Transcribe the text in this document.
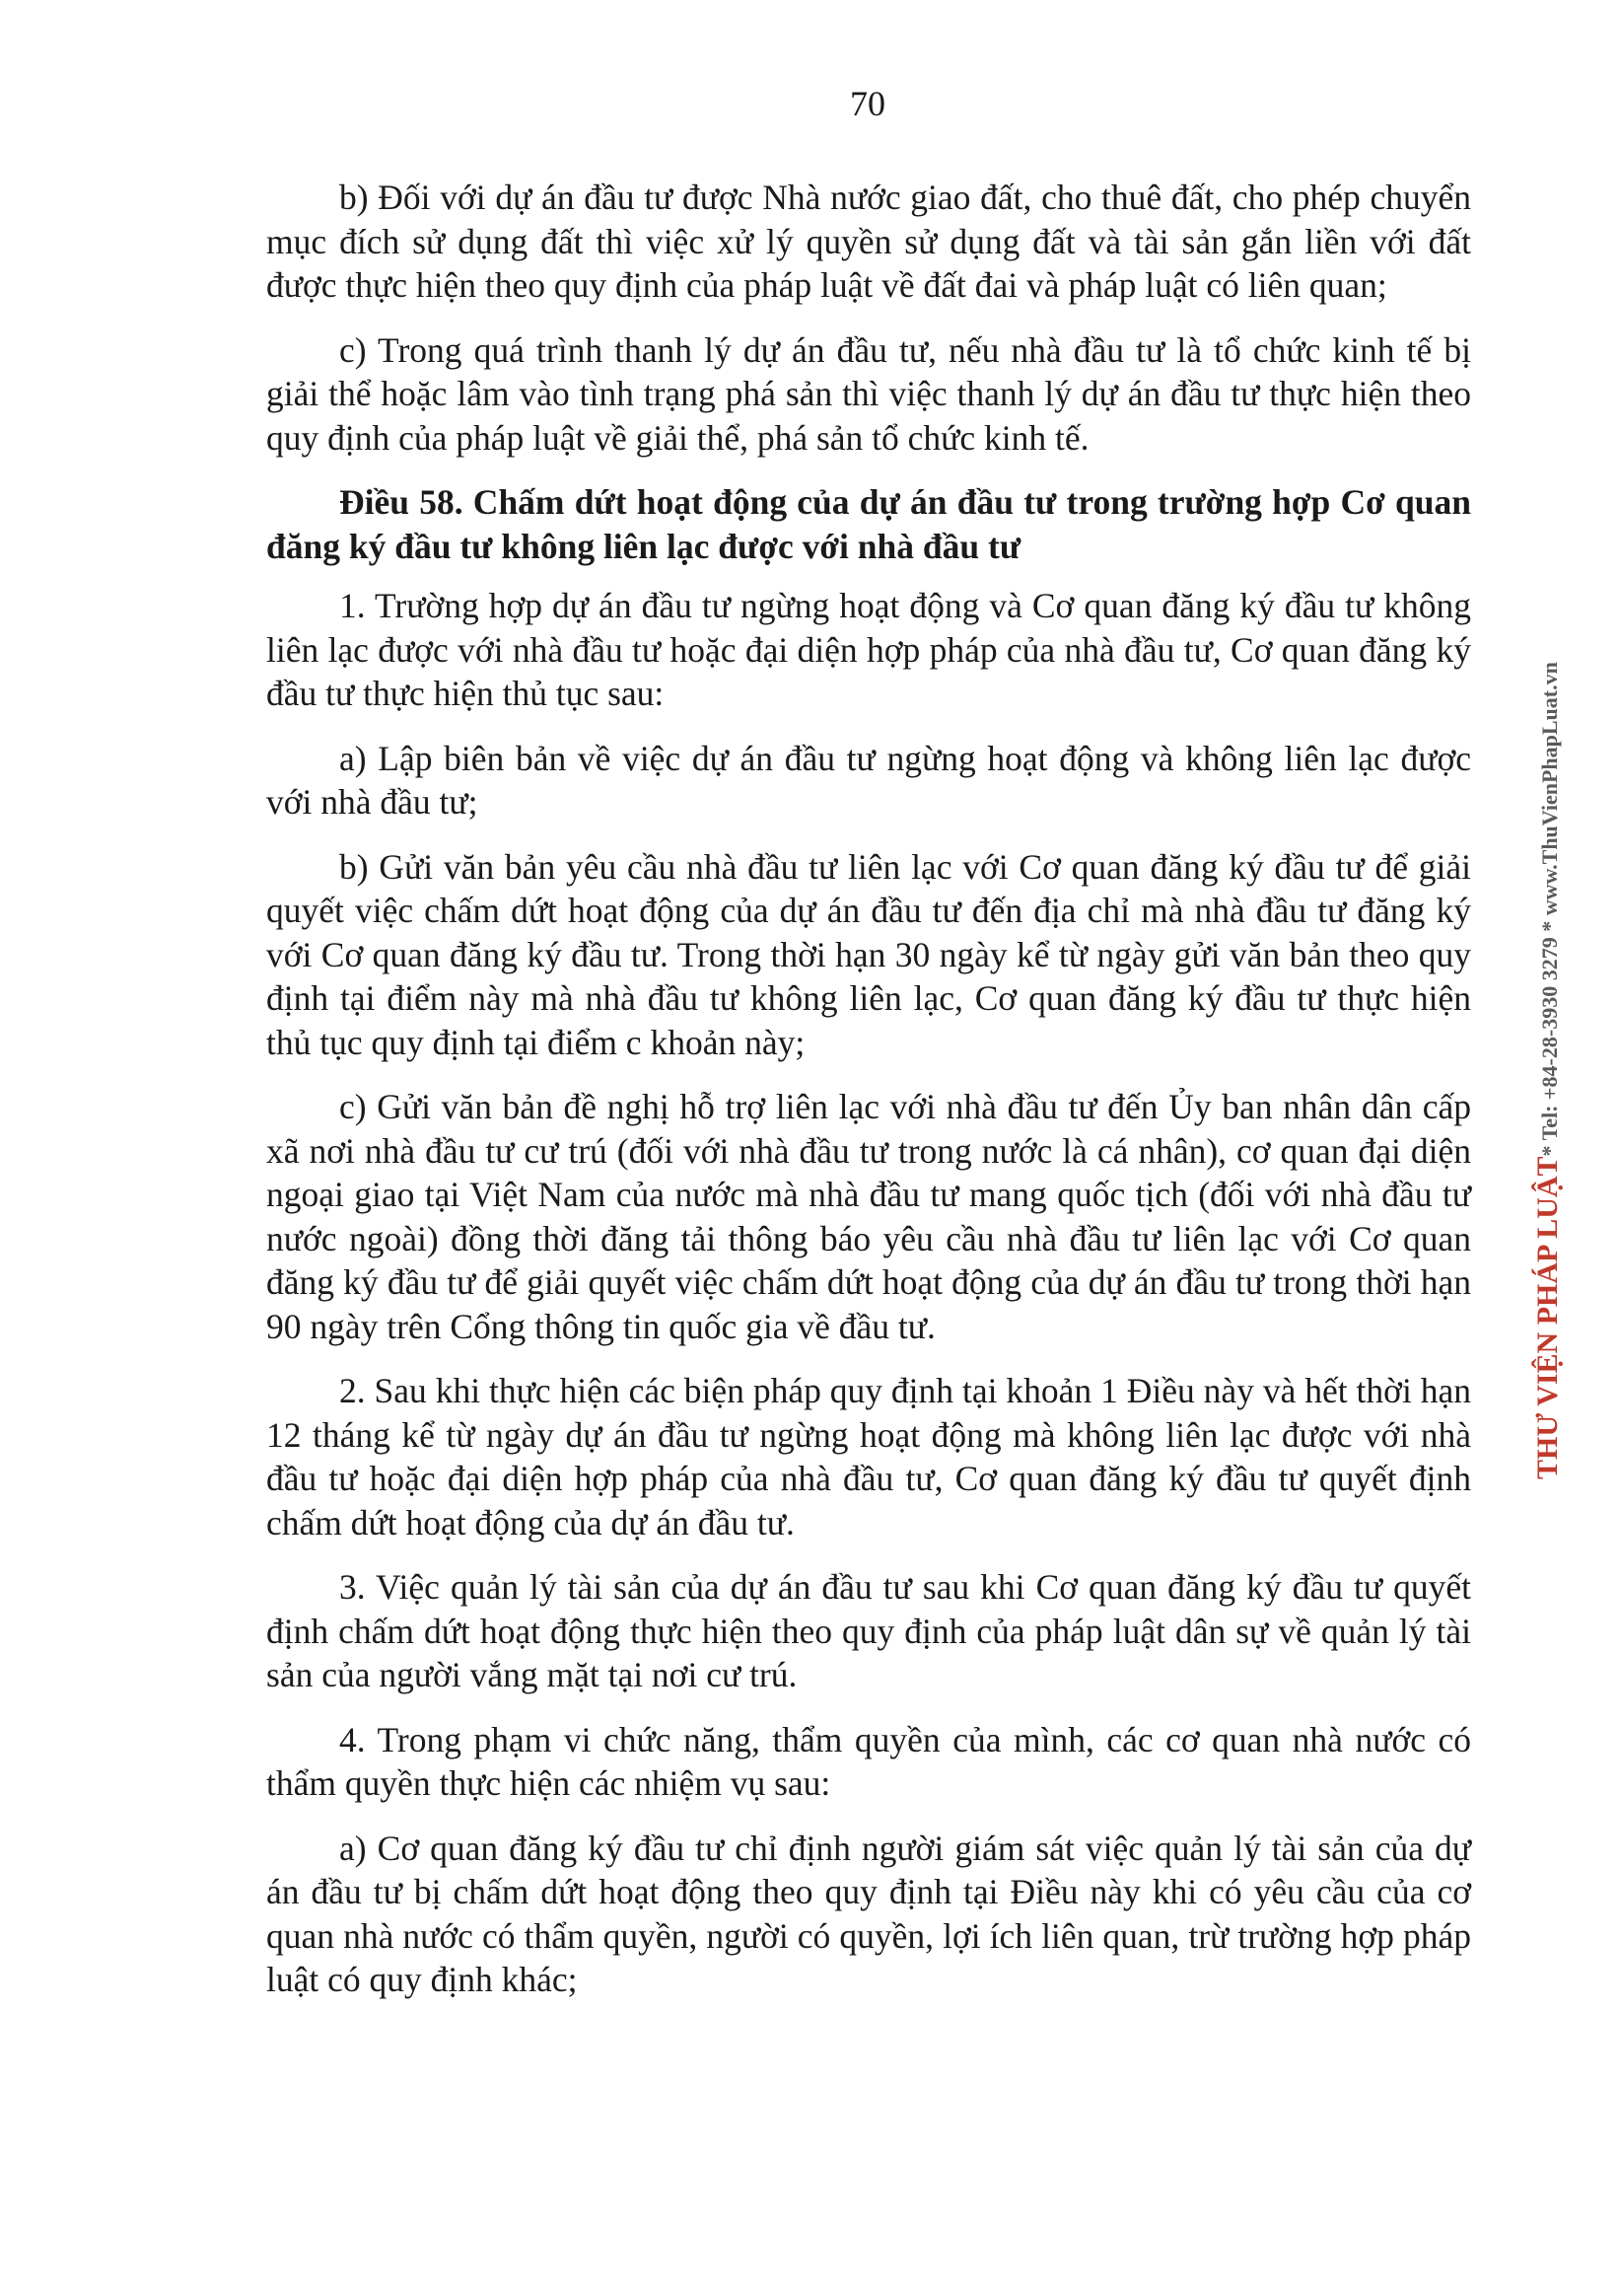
70

b) Đối với dự án đầu tư được Nhà nước giao đất, cho thuê đất, cho phép chuyển mục đích sử dụng đất thì việc xử lý quyền sử dụng đất và tài sản gắn liền với đất được thực hiện theo quy định của pháp luật về đất đai và pháp luật có liên quan;

c) Trong quá trình thanh lý dự án đầu tư, nếu nhà đầu tư là tổ chức kinh tế bị giải thể hoặc lâm vào tình trạng phá sản thì việc thanh lý dự án đầu tư thực hiện theo quy định của pháp luật về giải thể, phá sản tổ chức kinh tế.

Điều 58. Chấm dứt hoạt động của dự án đầu tư trong trường hợp Cơ quan đăng ký đầu tư không liên lạc được với nhà đầu tư

1. Trường hợp dự án đầu tư ngừng hoạt động và Cơ quan đăng ký đầu tư không liên lạc được với nhà đầu tư hoặc đại diện hợp pháp của nhà đầu tư, Cơ quan đăng ký đầu tư thực hiện thủ tục sau:

a) Lập biên bản về việc dự án đầu tư ngừng hoạt động và không liên lạc được với nhà đầu tư;

b) Gửi văn bản yêu cầu nhà đầu tư liên lạc với Cơ quan đăng ký đầu tư để giải quyết việc chấm dứt hoạt động của dự án đầu tư đến địa chỉ mà nhà đầu tư đăng ký với Cơ quan đăng ký đầu tư. Trong thời hạn 30 ngày kể từ ngày gửi văn bản theo quy định tại điểm này mà nhà đầu tư không liên lạc, Cơ quan đăng ký đầu tư thực hiện thủ tục quy định tại điểm c khoản này;

c) Gửi văn bản đề nghị hỗ trợ liên lạc với nhà đầu tư đến Ủy ban nhân dân cấp xã nơi nhà đầu tư cư trú (đối với nhà đầu tư trong nước là cá nhân), cơ quan đại diện ngoại giao tại Việt Nam của nước mà nhà đầu tư mang quốc tịch (đối với nhà đầu tư nước ngoài) đồng thời đăng tải thông báo yêu cầu nhà đầu tư liên lạc với Cơ quan đăng ký đầu tư để giải quyết việc chấm dứt hoạt động của dự án đầu tư trong thời hạn 90 ngày trên Cổng thông tin quốc gia về đầu tư.

2. Sau khi thực hiện các biện pháp quy định tại khoản 1 Điều này và hết thời hạn 12 tháng kể từ ngày dự án đầu tư ngừng hoạt động mà không liên lạc được với nhà đầu tư hoặc đại diện hợp pháp của nhà đầu tư, Cơ quan đăng ký đầu tư quyết định chấm dứt hoạt động của dự án đầu tư.

3. Việc quản lý tài sản của dự án đầu tư sau khi Cơ quan đăng ký đầu tư quyết định chấm dứt hoạt động thực hiện theo quy định của pháp luật dân sự về quản lý tài sản của người vắng mặt tại nơi cư trú.

4. Trong phạm vi chức năng, thẩm quyền của mình, các cơ quan nhà nước có thẩm quyền thực hiện các nhiệm vụ sau:

a) Cơ quan đăng ký đầu tư chỉ định người giám sát việc quản lý tài sản của dự án đầu tư bị chấm dứt hoạt động theo quy định tại Điều này khi có yêu cầu của cơ quan nhà nước có thẩm quyền, người có quyền, lợi ích liên quan, trừ trường hợp pháp luật có quy định khác;

THƯ VIỆN PHÁP LUẬT* Tel: +84-28-3930 3279 * www.ThuVienPhapLuat.vn
